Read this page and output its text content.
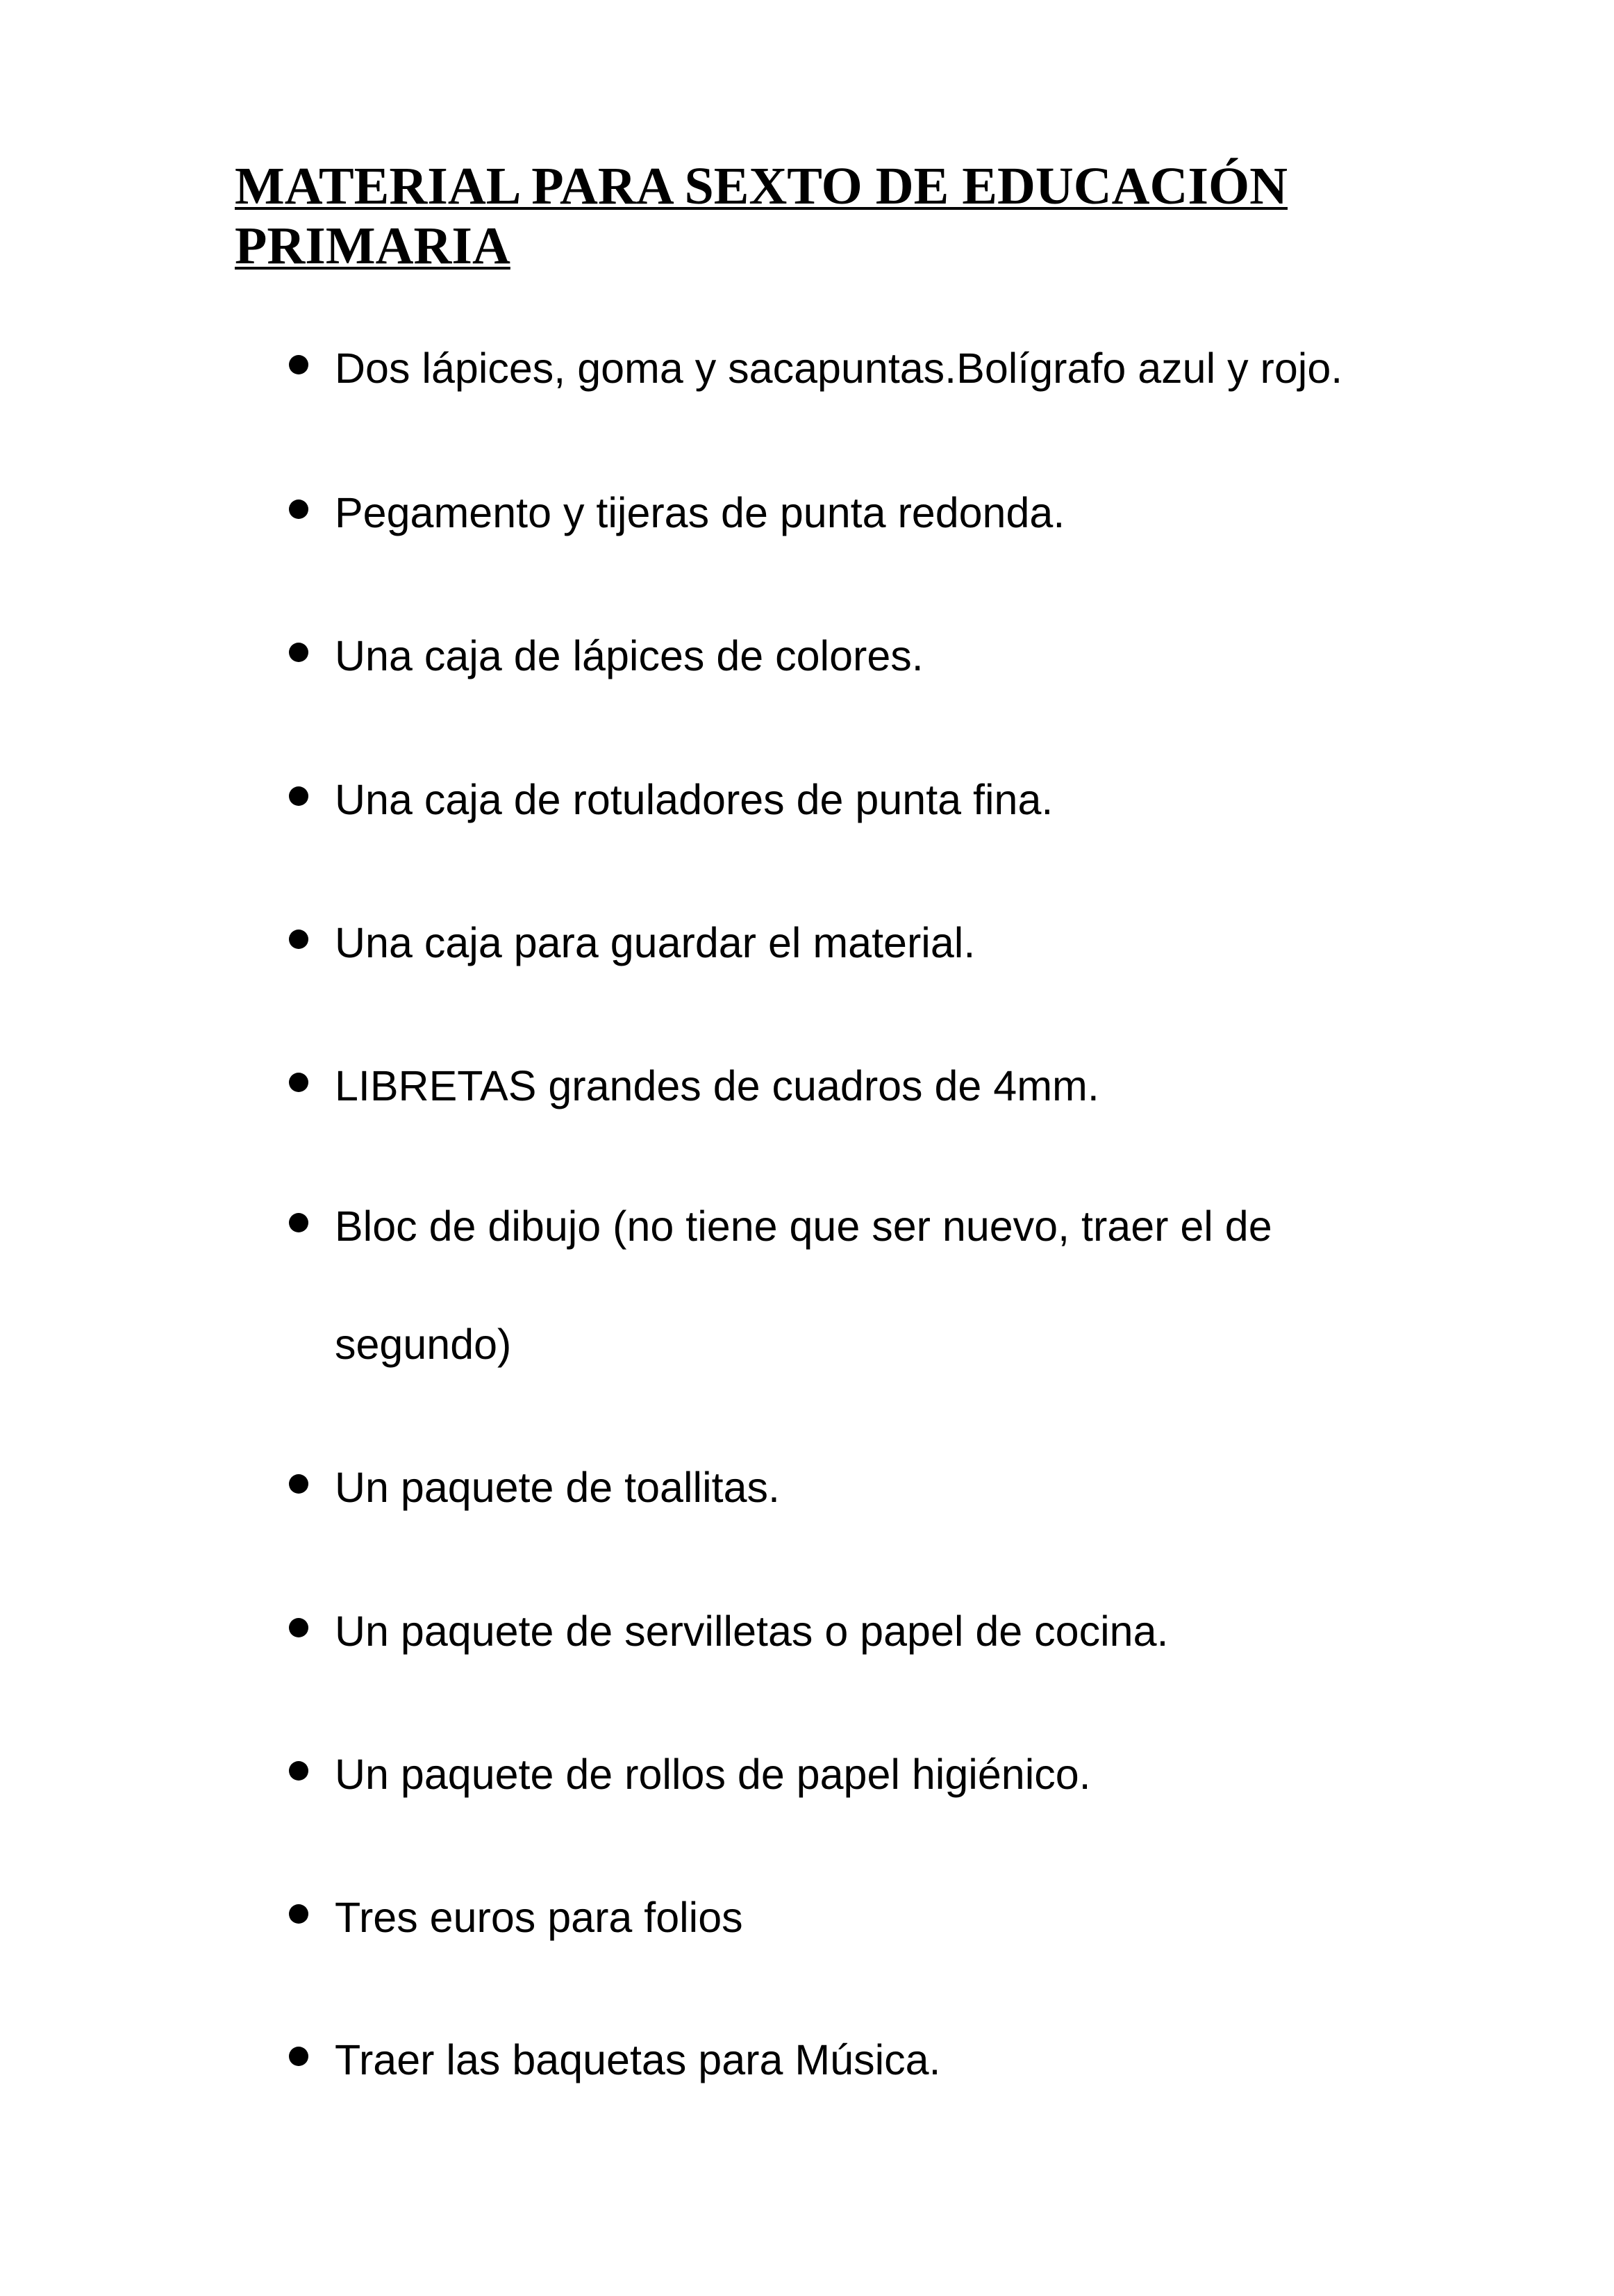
MATERIAL PARA SEXTO DE EDUCACIÓN
PRIMARIA
Dos lápices, goma y sacapuntas.Bolígrafo azul y rojo.
Pegamento y tijeras de punta redonda.
Una caja de lápices de colores.
Una caja de rotuladores de punta fina.
Una caja para guardar el material.
LIBRETAS grandes de cuadros de 4mm.
Bloc de dibujo (no tiene que ser nuevo, traer el de segundo)
Un paquete de toallitas.
Un paquete de servilletas o papel de cocina.
Un paquete de rollos de papel higiénico.
Tres euros para folios
Traer las baquetas para Música.
